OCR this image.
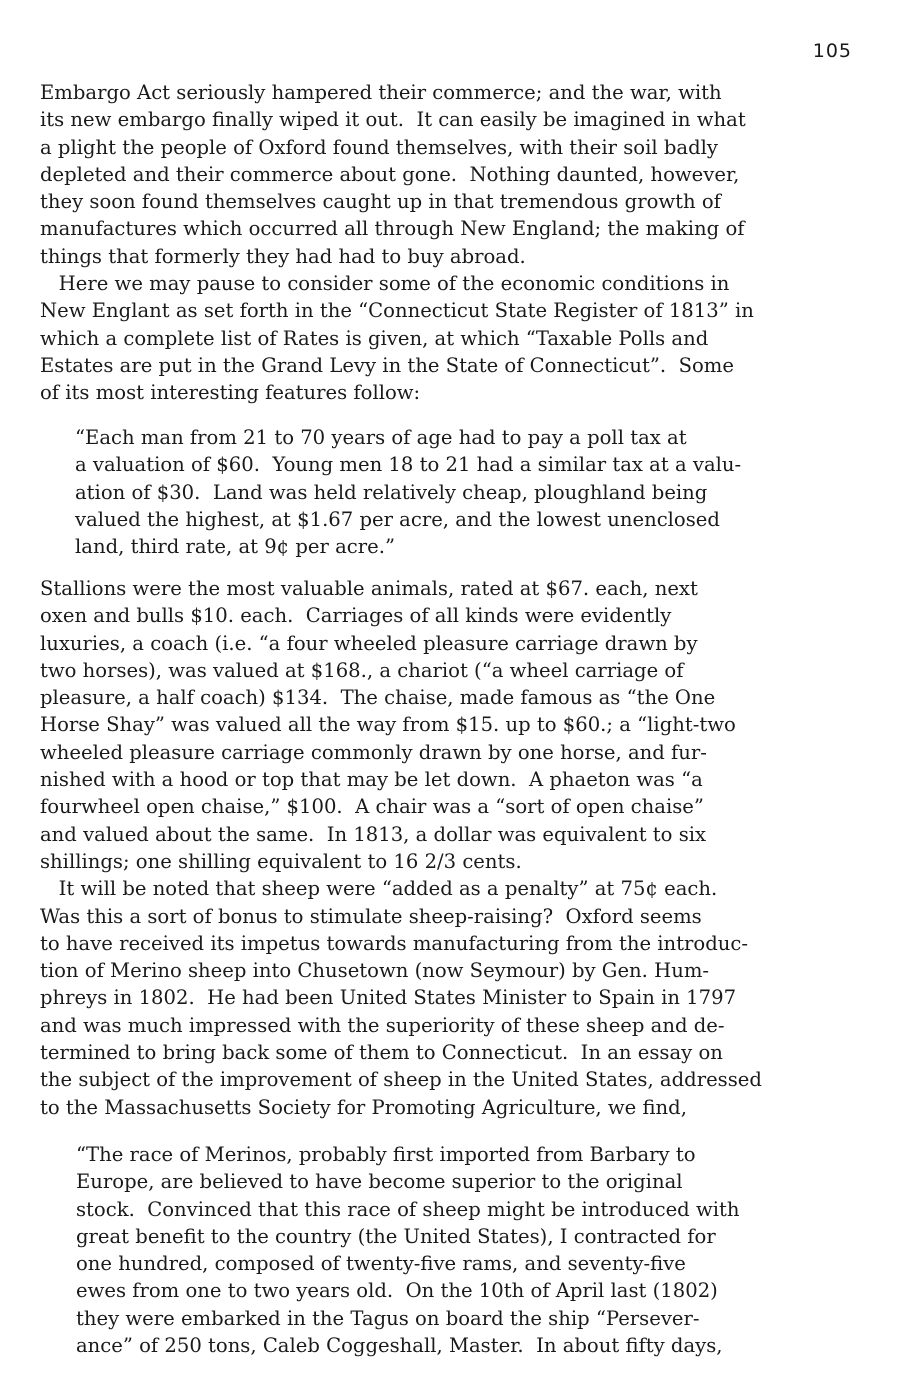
105
Embargo Act seriously hampered their commerce; and the war, with
its new embargo finally wiped it out.  It can easily be imagined in what
a plight the people of Oxford found themselves, with their soil badly
depleted and their commerce about gone.  Nothing daunted, however,
they soon found themselves caught up in that tremendous growth of
manufactures which occurred all through New England; the making of
things that formerly they had had to buy abroad.
Here we may pause to consider some of the economic conditions in
New Englant as set forth in the “Connecticut State Register of 1813” in
which a complete list of Rates is given, at which “Taxable Polls and
Estates are put in the Grand Levy in the State of Connecticut”.  Some
of its most interesting features follow:
“Each man from 21 to 70 years of age had to pay a poll tax at
a valuation of $60.  Young men 18 to 21 had a similar tax at a valu-
ation of $30.  Land was held relatively cheap, ploughland being
valued the highest, at $1.67 per acre, and the lowest unenclosed
land, third rate, at 9¢ per acre.”
Stallions were the most valuable animals, rated at $67. each, next
oxen and bulls $10. each.  Carriages of all kinds were evidently
luxuries, a coach (i.e. “a four wheeled pleasure carriage drawn by
two horses), was valued at $168., a chariot (“a wheel carriage of
pleasure, a half coach) $134.  The chaise, made famous as “the One
Horse Shay” was valued all the way from $15. up to $60.; a “light-two
wheeled pleasure carriage commonly drawn by one horse, and fur-
nished with a hood or top that may be let down.  A phaeton was “a
fourwheel open chaise,” $100.  A chair was a “sort of open chaise”
and valued about the same.  In 1813, a dollar was equivalent to six
shillings; one shilling equivalent to 16 2/3 cents.
It will be noted that sheep were “added as a penalty” at 75¢ each.
Was this a sort of bonus to stimulate sheep-raising?  Oxford seems
to have received its impetus towards manufacturing from the introduc-
tion of Merino sheep into Chusetown (now Seymour) by Gen. Hum-
phreys in 1802.  He had been United States Minister to Spain in 1797
and was much impressed with the superiority of these sheep and de-
termined to bring back some of them to Connecticut.  In an essay on
the subject of the improvement of sheep in the United States, addressed
to the Massachusetts Society for Promoting Agriculture, we find,
“The race of Merinos, probably first imported from Barbary to
Europe, are believed to have become superior to the original
stock.  Convinced that this race of sheep might be introduced with
great benefit to the country (the United States), I contracted for
one hundred, composed of twenty-five rams, and seventy-five
ewes from one to two years old.  On the 10th of April last (1802)
they were embarked in the Tagus on board the ship “Persever-
ance” of 250 tons, Caleb Coggeshall, Master.  In about fifty days,
